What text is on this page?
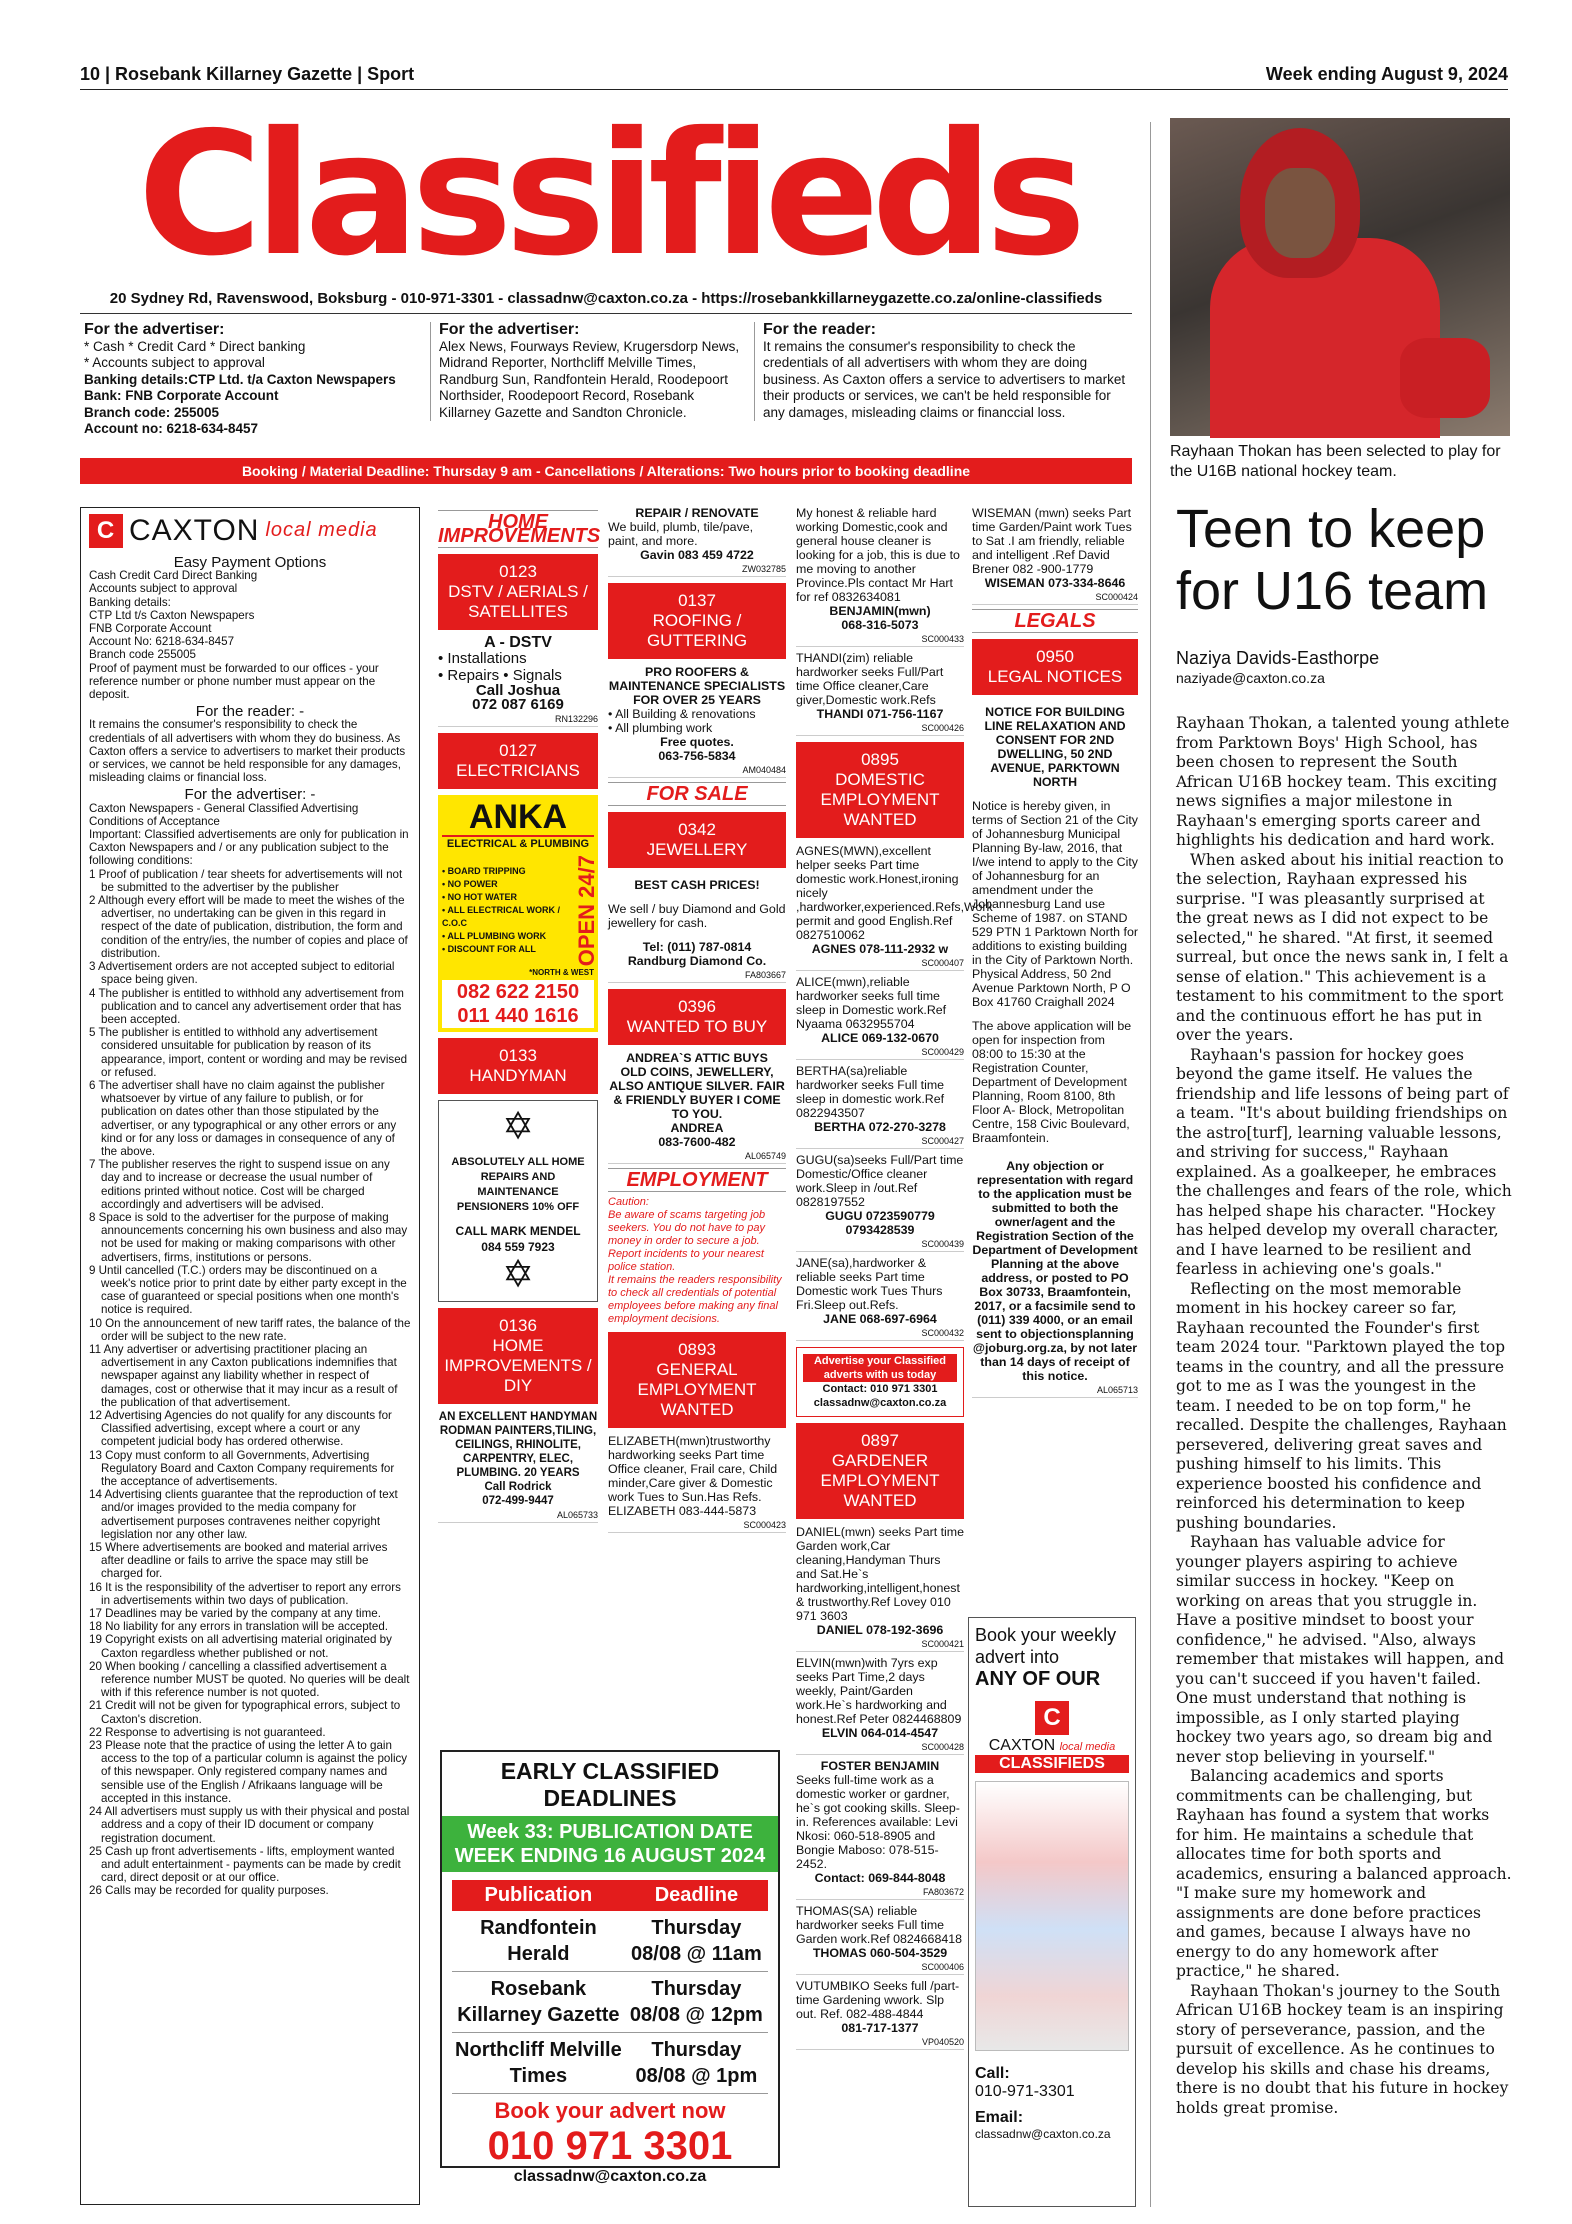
10 | Rosebank Killarney Gazette | Sport	Week ending August 9, 2024
Classifieds
20 Sydney Rd, Ravenswood, Boksburg - 010-971-3301 - classadnw@caxton.co.za - https://rosebankkillarneygazette.co.za/online-classifieds
For the advertiser:
* Cash * Credit Card * Direct banking
* Accounts subject to approval
Banking details:CTP Ltd. t/a Caxton Newspapers
Bank: FNB Corporate Account
Branch code: 255005
Account no: 6218-634-8457
For the advertiser:
Alex News, Fourways Review, Krugersdorp News, Midrand Reporter, Northcliff Melville Times, Randburg Sun, Randfontein Herald, Roodepoort Northsider, Roodepoort Record, Rosebank Killarney Gazette and Sandton Chronicle.
For the reader:
It remains the consumer's responsibility to check the credentials of all advertisers with whom they are doing business. As Caxton offers a service to advertisers to market their products or services, we can't be held responsible for any damages, misleading claims or financcial loss.
Booking / Material Deadline: Thursday 9 am - Cancellations / Alterations: Two hours prior to booking deadline
C CAXTON local media
Easy Payment Options
Cash Credit Card Direct Banking
Accounts subject to approval
Banking details:
CTP Ltd t/s Caxton Newspapers
FNB Corporate Account
Account No: 6218-634-8457
Branch code 255005
Proof of payment must be forwarded to our offices - your reference number or phone number must appear on the deposit.
For the reader: -
It remains the consumer's responsibility to check the credentials of all advertisers with whom they do business. As Caxton offers a service to advertisers to market their products or services, we cannot be held responsible for any damages, misleading claims or financial loss.
For the advertiser: -
Caxton Newspapers - General Classified Advertising Conditions of Acceptance
Important: Classified advertisements are only for publication in Caxton Newspapers and / or any publication subject to the following conditions:
1 Proof of publication / tear sheets for advertisements will not be submitted to the advertiser by the publisher
2 Although every effort will be made to meet the wishes of the advertiser, no undertaking can be given in this regard in respect of the date of publication, distribution, the form and condition of the entry/ies, the number of copies and place of distribution.
3 Advertisement orders are not accepted subject to editorial space being given.
4 The publisher is entitled to withhold any advertisement from publication and to cancel any advertisement order that has been accepted.
5 The publisher is entitled to withhold any advertisement considered unsuitable for publication by reason of its appearance, import, content or wording and may be revised or refused.
6 The advertiser shall have no claim against the publisher whatsoever by virtue of any failure to publish, or for publication on dates other than those stipulated by the advertiser, or any typographical or any other errors or any kind or for any loss or damages in consequence of any of the above.
7 The publisher reserves the right to suspend issue on any day and to increase or decrease the usual number of editions printed without notice. Cost will be charged accordingly and advertisers will be advised.
8 Space is sold to the advertiser for the purpose of making announcements concerning his own business and also may not be used for making or making comparisons with other advertisers, firms, institutions or persons.
9 Until cancelled (T.C.) orders may be discontinued on a week's notice prior to print date by either party except in the case of guaranteed or special positions when one month's notice is required.
10 On the announcement of new tariff rates, the balance of the order will be subject to the new rate.
11 Any advertiser or advertising practitioner placing an advertisement in any Caxton publications indemnifies that newspaper against any liability whether in respect of damages, cost or otherwise that it may incur as a result of the publication of that advertisement.
12 Advertising Agencies do not qualify for any discounts for Classified advertising, except where a court or any competent judicial body has ordered otherwise.
13 Copy must conform to all Governments, Advertising Regulatory Board and Caxton Company requirements for the acceptance of advertisements.
14 Advertising clients guarantee that the reproduction of text and/or images provided to the media company for advertisement purposes contravenes neither copyright legislation nor any other law.
15 Where advertisements are booked and material arrives after deadline or fails to arrive the space may still be charged for.
16 It is the responsibility of the advertiser to report any errors in advertisements within two days of publication.
17 Deadlines may be varied by the company at any time.
18 No liability for any errors in translation will be accepted.
19 Copyright exists on all advertising material originated by Caxton regardless whether published or not.
20 When booking / cancelling a classified advertisement a reference number MUST be quoted. No queries will be dealt with if this reference number is not quoted.
21 Credit will not be given for typographical errors, subject to Caxton's discretion.
22 Response to advertising is not guaranteed.
23 Please note that the practice of using the letter A to gain access to the top of a particular column is against the policy of this newspaper. Only registered company names and sensible use of the English / Afrikaans language will be accepted in this instance.
24 All advertisers must supply us with their physical and postal address and a copy of their ID document or company registration document.
25 Cash up front advertisements - lifts, employment wanted and adult entertainment - payments can be made by credit card, direct deposit or at our office.
26 Calls may be recorded for quality purposes.
HOME IMPROVEMENTS
0123
DSTV / AERIALS / SATELLITES
A - DSTV
• Installations
• Repairs • Signals
Call Joshua
072 087 6169
RN132296
0127
ELECTRICIANS
ANKA
ELECTRICAL & PLUMBING
• BOARD TRIPPING
• NO POWER
• NO HOT WATER
• ALL ELECTRICAL WORK / C.O.C
• ALL PLUMBING WORK
• DISCOUNT FOR ALL	OPEN 24/7
*NORTH & WEST
082 622 2150
011 440 1616
0133
HANDYMAN
✡
ABSOLUTELY ALL HOME REPAIRS AND MAINTENANCE PENSIONERS 10% OFF
CALL MARK MENDEL
084 559 7923
✡
0136
HOME IMPROVEMENTS / DIY
AN EXCELLENT HANDYMAN RODMAN PAINTERS,TILING, CEILINGS, RHINOLITE, CARPENTRY, ELEC, PLUMBING. 20 YEARS
Call Rodrick
072-499-9447
AL065733
REPAIR / RENOVATE
We build, plumb, tile/pave, paint, and more.
Gavin 083 459 4722
ZW032785
0137
ROOFING / GUTTERING
PRO ROOFERS & MAINTENANCE SPECIALISTS FOR OVER 25 YEARS
• All Building & renovations
• All plumbing work
Free quotes.
063-756-5834
AM040484
FOR SALE
0342
JEWELLERY
BEST CASH PRICES!
We sell / buy Diamond and Gold jewellery for cash.
Tel: (011) 787-0814
Randburg Diamond Co.
FA803667
0396
WANTED TO BUY
ANDREA`S ATTIC BUYS
OLD COINS, JEWELLERY, ALSO ANTIQUE SILVER. FAIR & FRIENDLY BUYER I COME TO YOU.
ANDREA
083-7600-482
AL065749
EMPLOYMENT
Caution:
Be aware of scams targeting job seekers. You do not have to pay money in order to secure a job. Report incidents to your nearest police station.
It remains the readers responsibility to check all credentials of potential employees before making any final employment decisions.
0893
GENERAL EMPLOYMENT WANTED
ELIZABETH(mwn)trustworthy hardworking seeks Part time Office cleaner, Frail care, Child minder,Care giver & Domestic work Tues to Sun.Has Refs.
ELIZABETH 083-444-5873
SC000423
My honest & reliable hard working Domestic,cook and general house cleaner is looking for a job, this is due to me moving to another Province.Pls contact Mr Hart for ref 0832634081
BENJAMIN(mwn)
068-316-5073
SC000433
THANDI(zim) reliable hardworker seeks Full/Part time Office cleaner,Care giver,Domestic work.Refs
THANDI 071-756-1167
SC000426
0895
DOMESTIC EMPLOYMENT WANTED
AGNES(MWN),excellent helper seeks Part time domestic work.Honest,ironing nicely ,hardworker,experienced.Refs,Work permit and good English.Ref 0827510062
AGNES 078-111-2932 w
SC000407
ALICE(mwn),reliable hardworker seeks full time sleep in Domestic work.Ref Nyaama 0632955704
ALICE 069-132-0670
SC000429
BERTHA(sa)reliable hardworker seeks Full time sleep in domestic work.Ref 0822943507
BERTHA 072-270-3278
SC000427
GUGU(sa)seeks Full/Part time Domestic/Office cleaner work.Sleep in /out.Ref 0828197552
GUGU 0723590779
0793428539
SC000439
JANE(sa),hardworker & reliable seeks Part time Domestic work Tues Thurs Fri.Sleep out.Refs.
JANE 068-697-6964
SC000432
Advertise your Classified adverts with us today
Contact: 010 971 3301
classadnw@caxton.co.za
0897
GARDENER EMPLOYMENT WANTED
DANIEL(mwn) seeks Part time Garden work,Car cleaning,Handyman Thurs and Sat.He`s hardworking,intelligent,honest & trustworthy.Ref Lovey 010 971 3603
DANIEL 078-192-3696
SC000421
ELVIN(mwn)with 7yrs exp seeks Part Time,2 days weekly, Paint/Garden work.He`s hardworking and honest.Ref Peter 0824468809
ELVIN 064-014-4547
SC000428
FOSTER BENJAMIN
Seeks full-time work as a domestic worker or gardner, he`s got cooking skills. Sleep-in. References available: Levi Nkosi: 060-518-8905 and Bongie Maboso: 078-515-2452.
Contact: 069-844-8048
FA803672
THOMAS(SA) reliable hardworker seeks Full time Garden work.Ref 0824668418
THOMAS 060-504-3529
SC000406
VUTUMBIKO Seeks full /part-time Gardening wwork. Slp out. Ref. 082-488-4844
081-717-1377
VP040520
WISEMAN (mwn) seeks Part time Garden/Paint work Tues to Sat .I am friendly, reliable and intelligent .Ref David Brener 082 -900-1779
WISEMAN 073-334-8646
SC000424
LEGALS
0950
LEGAL NOTICES
NOTICE FOR BUILDING LINE RELAXATION AND CONSENT FOR 2ND DWELLING, 50 2ND AVENUE, PARKTOWN NORTH
Notice is hereby given, in terms of Section 21 of the City of Johannesburg Municipal Planning By-law, 2016, that I/we intend to apply to the City of Johannesburg for an amendment under the Johannesburg Land use Scheme of 1987. on STAND 529 PTN 1 Parktown North for additions to existing building in the City of Parktown North. Physical Address, 50 2nd Avenue Parktown North, P O Box 41760 Craighall 2024
The above application will be open for inspection from 08:00 to 15:30 at the Registration Counter, Department of Development Planning, Room 8100, 8th Floor A- Block, Metropolitan Centre, 158 Civic Boulevard, Braamfontein.
Any objection or representation with regard to the application must be submitted to both the owner/agent and the Registration Section of the Department of Development Planning at the above address, or posted to PO Box 30733, Braamfontein, 2017, or a facsimile send to (011) 339 4000, or an email sent to objectionsplanning @joburg.org.za, by not later than 14 days of receipt of this notice.
AL065713
Book your weekly advert into
ANY OF OUR
C
CAXTON local media
CLASSIFIEDS
Call:
010-971-3301
Email:
classadnw@caxton.co.za
EARLY CLASSIFIED DEADLINES
Week 33: PUBLICATION DATE WEEK ENDING 16 AUGUST 2024
Publication	Deadline
Randfontein Herald	Thursday 08/08 @ 11am
Rosebank Killarney Gazette	Thursday 08/08 @ 12pm
Northcliff Melville Times	Thursday 08/08 @ 1pm
Book your advert now
010 971 3301
classadnw@caxton.co.za
Rayhaan Thokan has been selected to play for the U16B national hockey team.
Teen to keep for U16 team
Naziya Davids-Easthorpe
naziyade@caxton.co.za

Rayhaan Thokan, a talented young athlete from Parktown Boys' High School, has been chosen to represent the South African U16B hockey team. This exciting news signifies a major milestone in Rayhaan's emerging sports career and highlights his dedication and hard work.

When asked about his initial reaction to the selection, Rayhaan expressed his surprise. "I was pleasantly surprised at the great news as I did not expect to be selected," he shared. "At first, it seemed surreal, but once the news sank in, I felt a sense of elation." This achievement is a testament to his commitment to the sport and the continuous effort he has put in over the years.

Rayhaan's passion for hockey goes beyond the game itself. He values the friendship and life lessons of being part of a team. "It's about building friendships on the astro[turf], learning valuable lessons, and striving for success," Rayhaan explained. As a goalkeeper, he embraces the challenges and fears of the role, which has helped shape his character. "Hockey has helped develop my overall character, and I have learned to be resilient and fearless in achieving one's goals."

Reflecting on the most memorable moment in his hockey career so far, Rayhaan recounted the Founder's first team 2024 tour. "Parktown played the top teams in the country, and all the pressure got to me as I was the youngest in the team. I needed to be on top form," he recalled. Despite the challenges, Rayhaan persevered, delivering great saves and pushing himself to his limits. This experience boosted his confidence and reinforced his determination to keep pushing boundaries.

Rayhaan has valuable advice for younger players aspiring to achieve similar success in hockey. "Keep on working on areas that you struggle in. Have a positive mindset to boost your confidence," he advised. "Also, always remember that mistakes will happen, and you can't succeed if you haven't failed. One must understand that nothing is impossible, as I only started playing hockey two years ago, so dream big and never stop believing in yourself."

Balancing academics and sports commitments can be challenging, but Rayhaan has found a system that works for him. He maintains a schedule that allocates time for both sports and academics, ensuring a balanced approach. "I make sure my homework and assignments are done before practices and games, because I always have no energy to do any homework after practice," he shared.

Rayhaan Thokan's journey to the South African U16B hockey team is an inspiring story of perseverance, passion, and the pursuit of excellence. As he continues to develop his skills and chase his dreams, there is no doubt that his future in hockey holds great promise.
